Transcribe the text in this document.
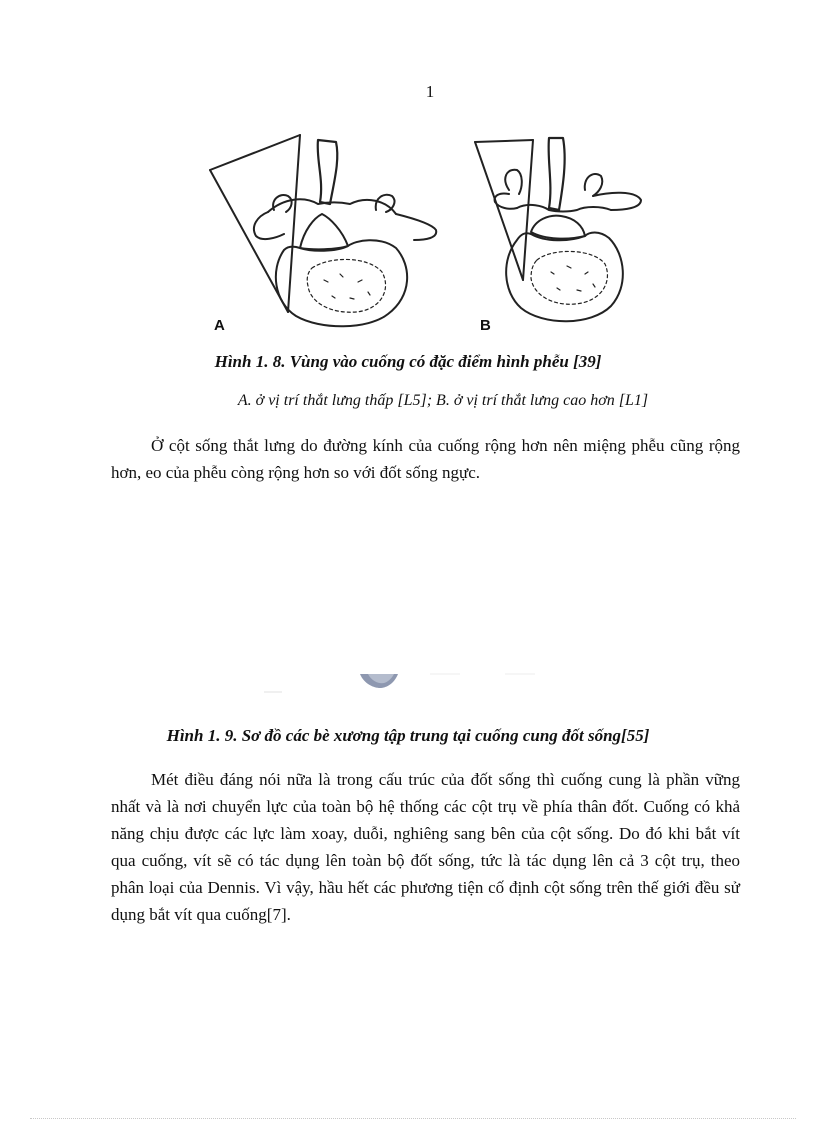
1
A	B
Hình 1. 8. Vùng vào cuống có đặc điểm hình phễu [39]
A. ở vị trí thắt lưng thấp [L5]; B. ở vị trí thắt lưng cao hơn [L1]

Ở cột sống thắt lưng do đường kính của cuống rộng hơn nên miệng phễu cũng rộng hơn, eo của phễu còng rộng hơn so với đốt sống ngực.

Hình 1. 9. Sơ đồ các bè xương tập trung tại cuống cung đốt sống[55]

Mét điều đáng nói nữa là trong cấu trúc của đốt sống thì cuống cung là phần vững nhất và là nơi chuyển lực của toàn bộ hệ thống các cột trụ về phía thân đốt. Cuống có khả năng chịu được các lực làm xoay, duỗi, nghiêng sang bên của cột sống. Do đó khi bắt vít qua cuống, vít sẽ có tác dụng lên toàn bộ đốt sống, tức là tác dụng lên cả 3 cột trụ, theo phân loại của Dennis. Vì vậy, hầu hết các phương tiện cố định cột sống trên thế giới đều sử dụng bắt vít qua cuống[7].
